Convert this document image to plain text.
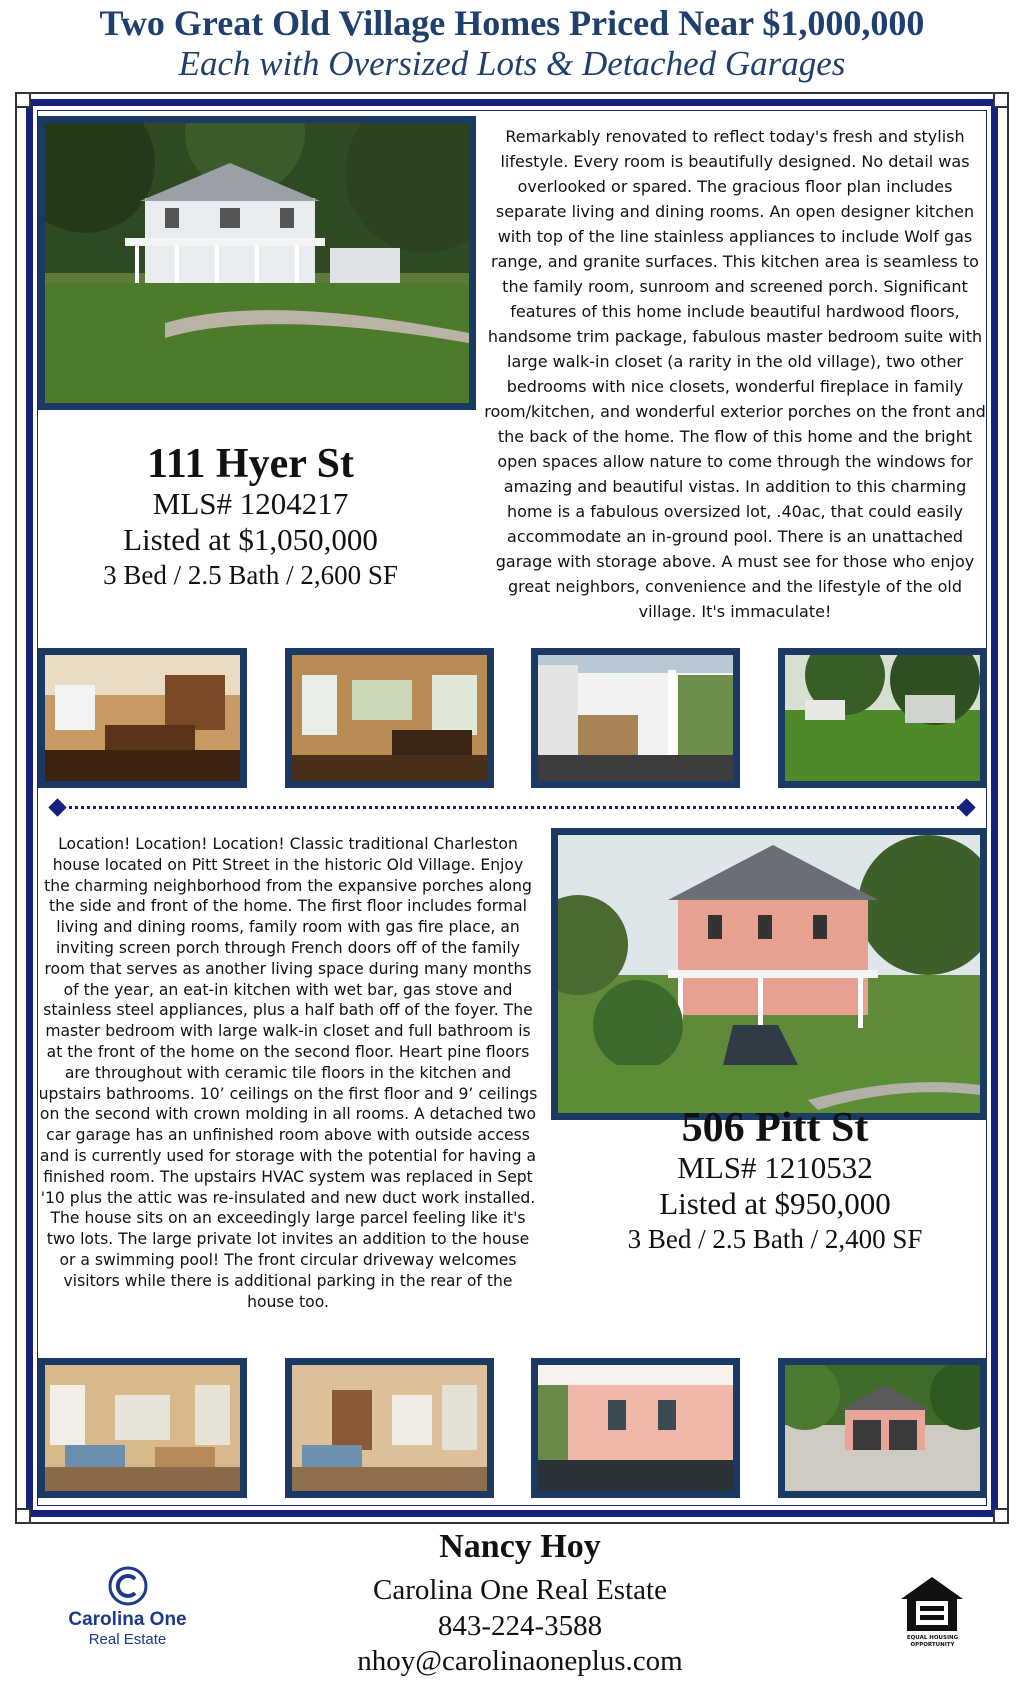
Two Great Old Village Homes Priced Near $1,000,000
Each with Oversized Lots & Detached Garages
Remarkably renovated to reflect today's fresh and stylish lifestyle. Every room is beautifully designed. No detail was overlooked or spared. The gracious floor plan includes separate living and dining rooms. An open designer kitchen with top of the line stainless appliances to include Wolf gas range, and granite surfaces. This kitchen area is seamless to the family room, sunroom and screened porch. Significant features of this home include beautiful hardwood floors, handsome trim package, fabulous master bedroom suite with large walk-in closet (a rarity in the old village), two other bedrooms with nice closets, wonderful fireplace in family room/kitchen, and wonderful exterior porches on the front and the back of the home. The flow of this home and the bright open spaces allow nature to come through the windows for amazing and beautiful vistas. In addition to this charming home is a fabulous oversized lot, .40ac, that could easily accommodate an in-ground pool. There is an unattached garage with storage above. A must see for those who enjoy great neighbors, convenience and the lifestyle of the old village. It's immaculate!
111 Hyer St
MLS# 1204217
Listed at $1,050,000
3 Bed / 2.5 Bath / 2,600 SF
Location! Location! Location! Classic traditional Charleston house located on Pitt Street in the historic Old Village. Enjoy the charming neighborhood from the expansive porches along the side and front of the home. The first floor includes formal living and dining rooms, family room with gas fire place, an inviting screen porch through French doors off of the family room that serves as another living space during many months of the year, an eat-in kitchen with wet bar, gas stove and stainless steel appliances, plus a half bath off of the foyer. The master bedroom with large walk-in closet and full bathroom is at the front of the home on the second floor. Heart pine floors are throughout with ceramic tile floors in the kitchen and upstairs bathrooms. 10’ ceilings on the first floor and 9’ ceilings on the second with crown molding in all rooms. A detached two car garage has an unfinished room above with outside access and is currently used for storage with the potential for having a finished room. The upstairs HVAC system was replaced in Sept '10 plus the attic was re-insulated and new duct work installed. The house sits on an exceedingly large parcel feeling like it's two lots. The large private lot invites an addition to the house or a swimming pool! The front circular driveway welcomes visitors while there is additional parking in the rear of the house too.
506 Pitt St
MLS# 1210532
Listed at $950,000
3 Bed / 2.5 Bath / 2,400 SF
Nancy Hoy
Carolina One Real Estate
843-224-3588
nhoy@carolinaoneplus.com
Carolina One
Real Estate	EQUAL HOUSING
OPPORTUNITY
